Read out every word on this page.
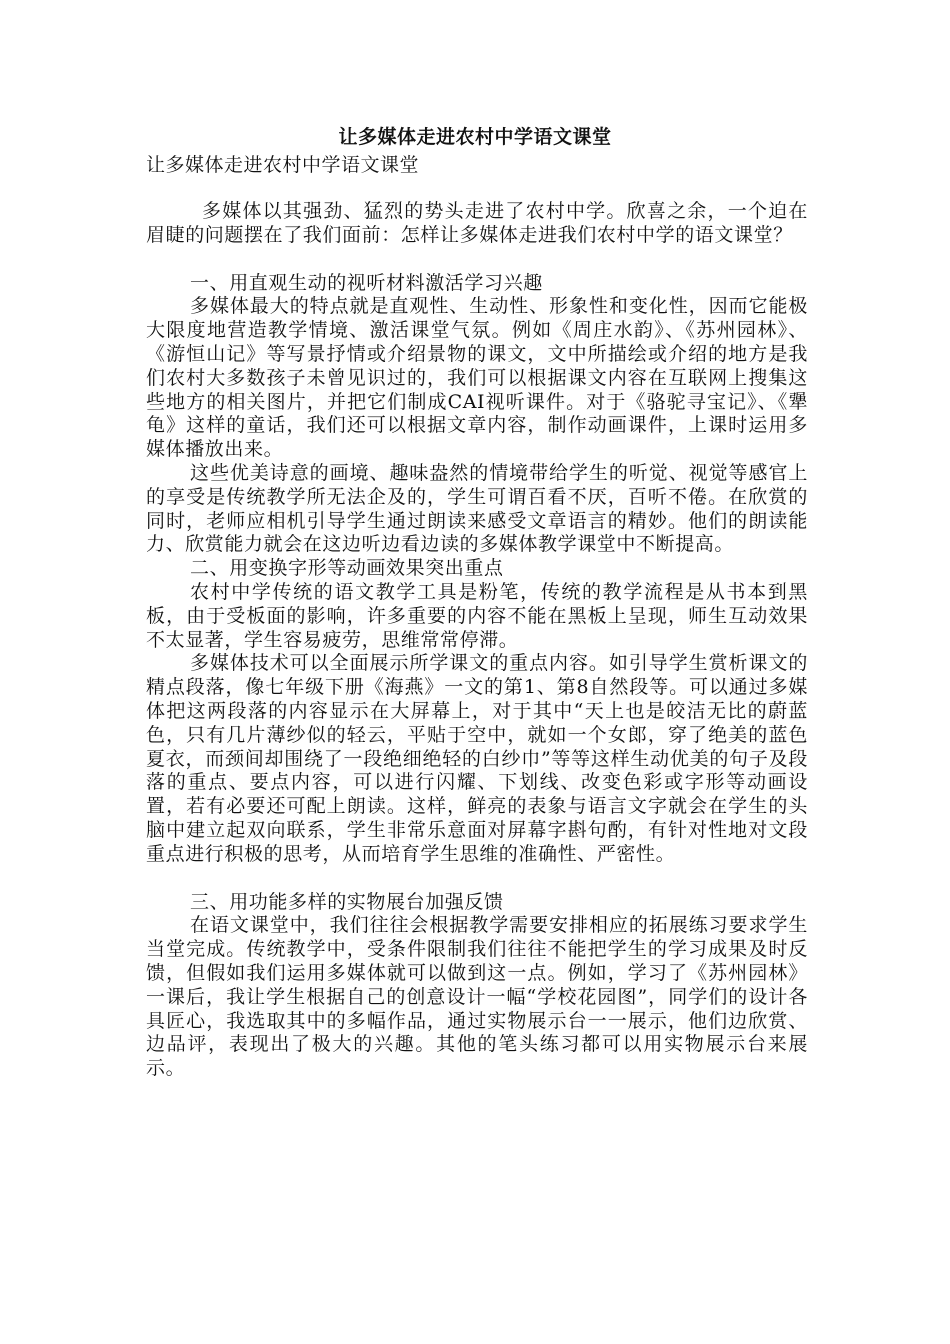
让多媒体走进农村中学语文课堂
让多媒体走进农村中学语文课堂

多媒体以其强劲、猛烈的势头走进了农村中学。欣喜之余，一个迫在眉睫的问题摆在了我们面前：怎样让多媒体走进我们农村中学的语文课堂？

一、用直观生动的视听材料激活学习兴趣

多媒体最大的特点就是直观性、生动性、形象性和变化性，因而它能极大限度地营造教学情境、激活课堂气氛。例如《周庄水韵》、《苏州园林》、《游恒山记》等写景抒情或介绍景物的课文，文中所描绘或介绍的地方是我们农村大多数孩子未曾见识过的，我们可以根据课文内容在互联网上搜集这些地方的相关图片，并把它们制成CAI视听课件。对于《骆驼寻宝记》、《犟龟》这样的童话，我们还可以根据文章内容，制作动画课件，上课时运用多媒体播放出来。

这些优美诗意的画境、趣味盎然的情境带给学生的听觉、视觉等感官上的享受是传统教学所无法企及的，学生可谓百看不厌，百听不倦。在欣赏的同时，老师应相机引导学生通过朗读来感受文章语言的精妙。他们的朗读能力、欣赏能力就会在这边听边看边读的多媒体教学课堂中不断提高。

二、用变换字形等动画效果突出重点

农村中学传统的语文教学工具是粉笔，传统的教学流程是从书本到黑板，由于受板面的影响，许多重要的内容不能在黑板上呈现，师生互动效果不太显著，学生容易疲劳，思维常常停滞。

多媒体技术可以全面展示所学课文的重点内容。如引导学生赏析课文的精点段落，像七年级下册《海燕》一文的第1、第8自然段等。可以通过多媒体把这两段落的内容显示在大屏幕上，对于其中“天上也是皎洁无比的蔚蓝色，只有几片薄纱似的轻云，平贴于空中，就如一个女郎，穿了绝美的蓝色夏衣，而颈间却围绕了一段绝细绝轻的白纱巾”等等这样生动优美的句子及段落的重点、要点内容，可以进行闪耀、下划线、改变色彩或字形等动画设置，若有必要还可配上朗读。这样，鲜亮的表象与语言文字就会在学生的头脑中建立起双向联系，学生非常乐意面对屏幕字斟句酌，有针对性地对文段重点进行积极的思考，从而培育学生思维的准确性、严密性。

三、用功能多样的实物展台加强反馈

在语文课堂中，我们往往会根据教学需要安排相应的拓展练习要求学生当堂完成。传统教学中，受条件限制我们往往不能把学生的学习成果及时反馈，但假如我们运用多媒体就可以做到这一点。例如，学习了《苏州园林》一课后，我让学生根据自己的创意设计一幅“学校花园图”，同学们的设计各具匠心，我选取其中的多幅作品，通过实物展示台一一展示，他们边欣赏、边品评，表现出了极大的兴趣。其他的笔头练习都可以用实物展示台来展示。
